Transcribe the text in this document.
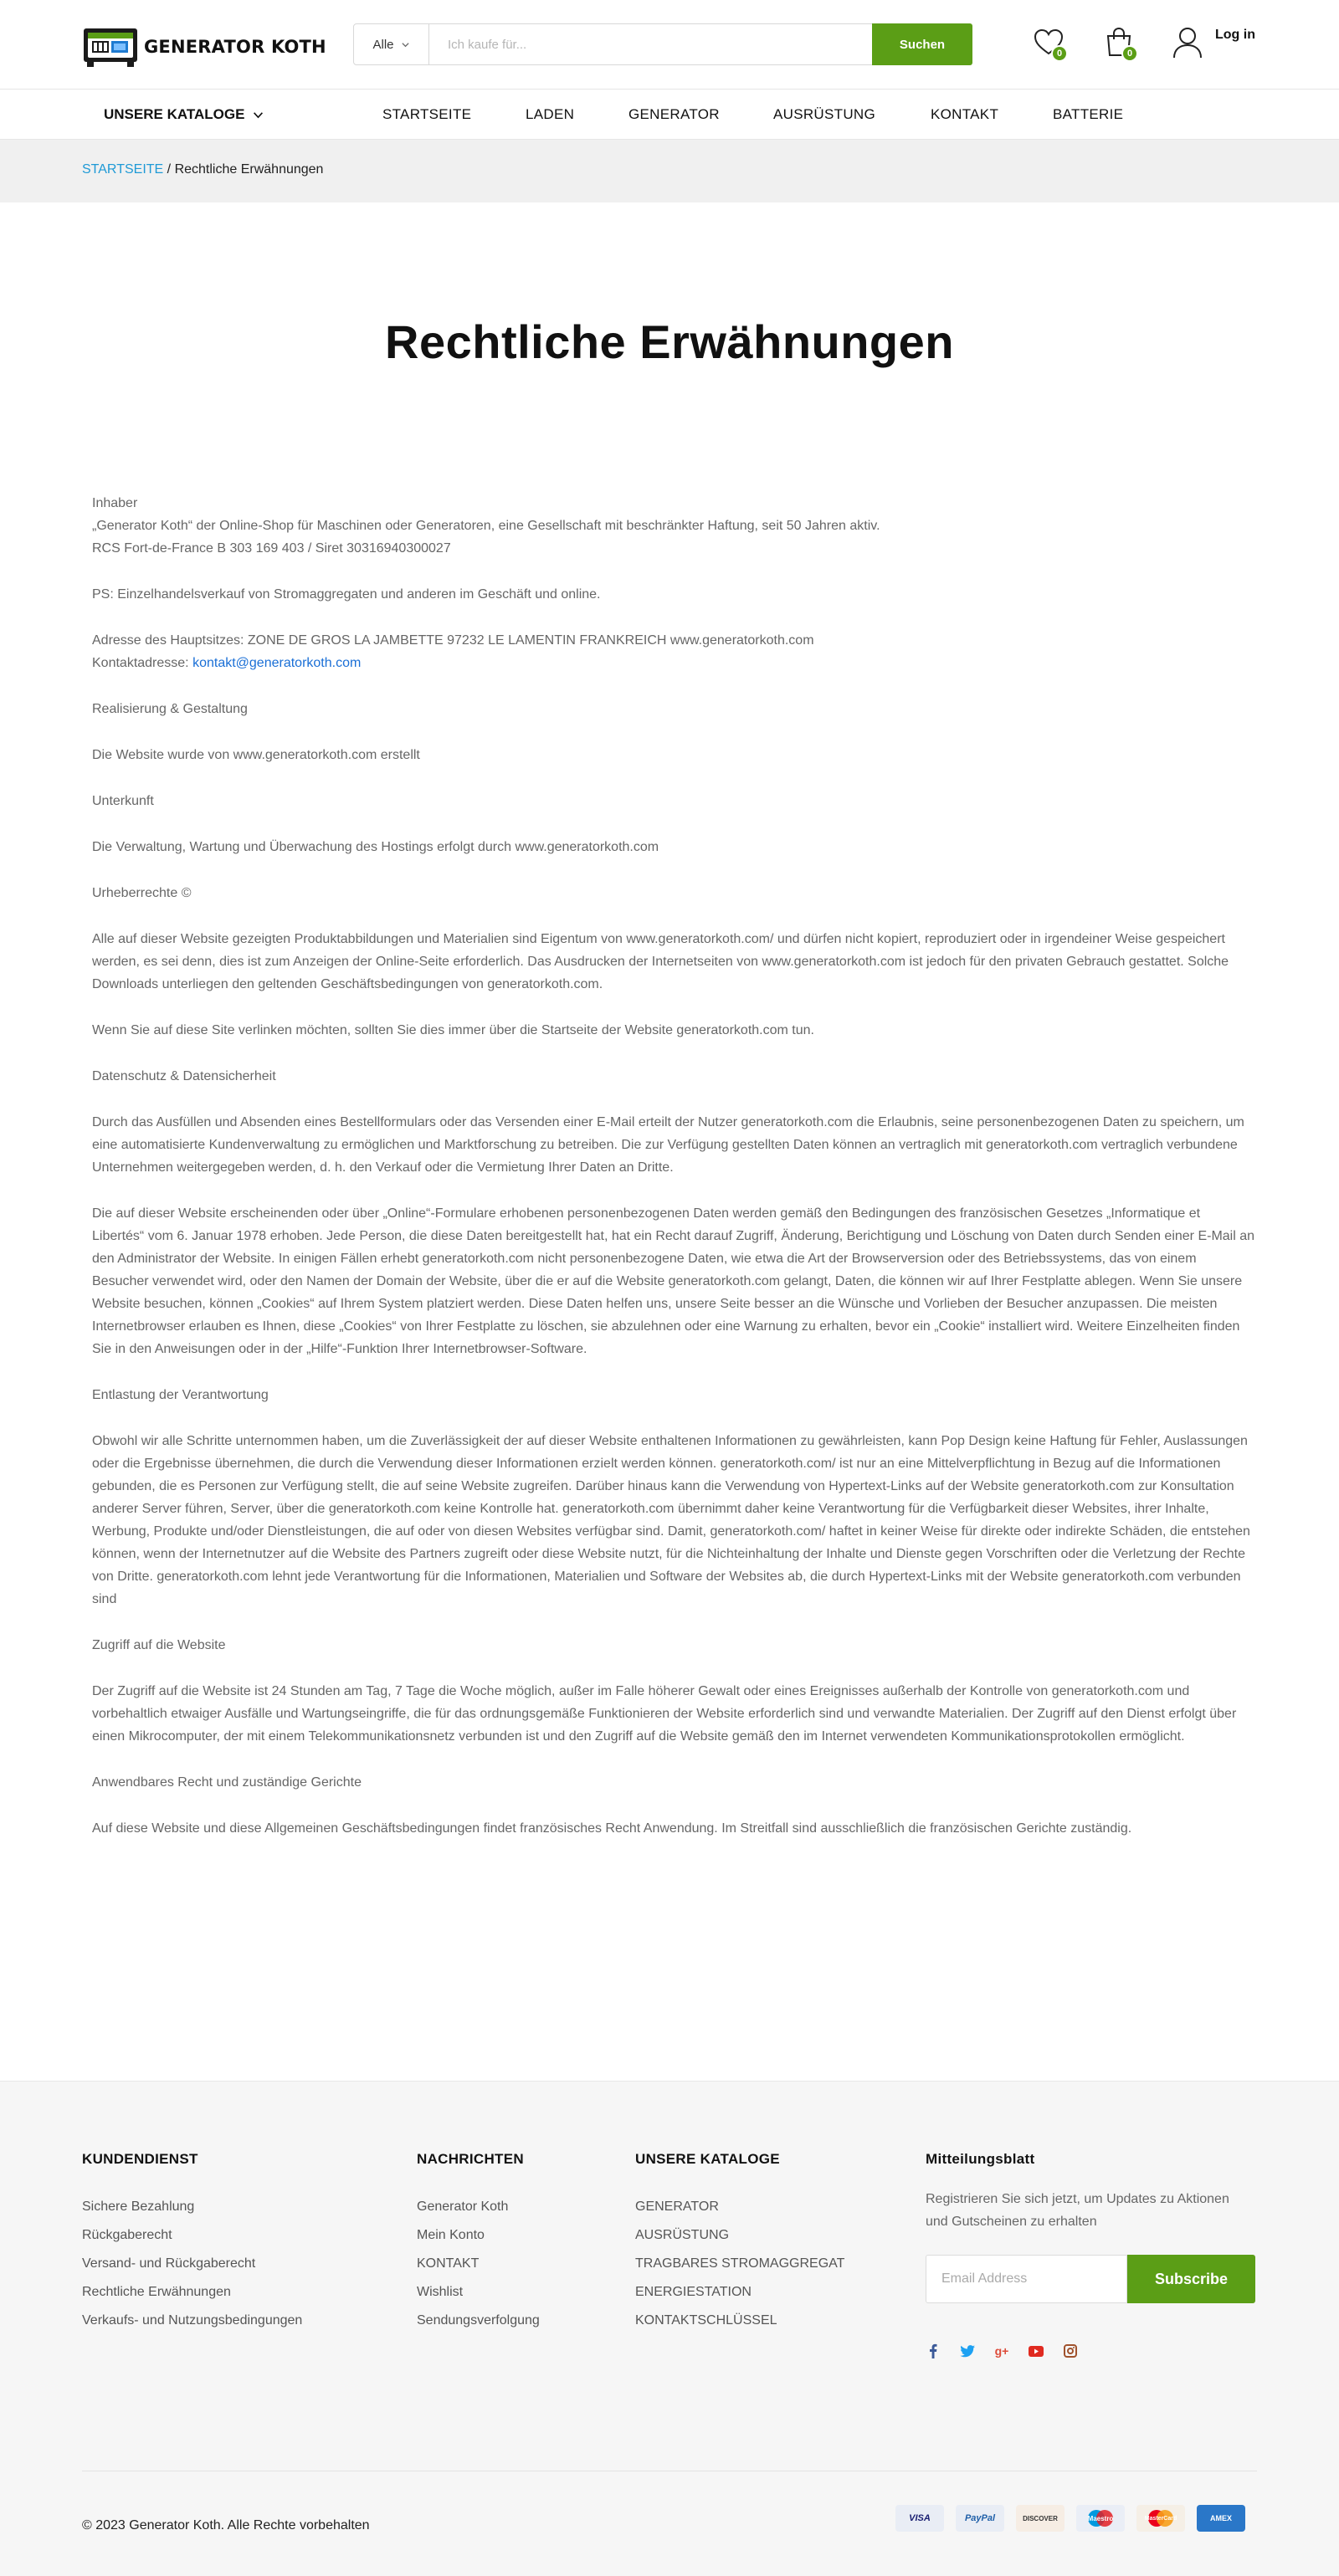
GENERATOR KOTH	Alle
Ich kaufe für...	Suchen
0	0
Log in
UNSERE KATALOGE	STARTSEITE	LADEN	GENERATOR	AUSRÜSTUNG	KONTAKT	BATTERIE
STARTSEITE / Rechtliche Erwähnungen
Rechtliche Erwähnungen

Inhaber
„Generator Koth“ der Online-Shop für Maschinen oder Generatoren, eine Gesellschaft mit beschränkter Haftung, seit 50 Jahren aktiv.
RCS Fort-de-France B 303 169 403 / Siret 30316940300027

PS: Einzelhandelsverkauf von Stromaggregaten und anderen im Geschäft und online.

Adresse des Hauptsitzes: ZONE DE GROS LA JAMBETTE 97232 LE LAMENTIN FRANKREICH www.generatorkoth.com
Kontaktadresse: kontakt@generatorkoth.com

Realisierung & Gestaltung

Die Website wurde von www.generatorkoth.com erstellt

Unterkunft

Die Verwaltung, Wartung und Überwachung des Hostings erfolgt durch www.generatorkoth.com

Urheberrechte ©

Alle auf dieser Website gezeigten Produktabbildungen und Materialien sind Eigentum von www.generatorkoth.com/ und dürfen nicht kopiert, reproduziert oder in irgendeiner Weise gespeichert werden, es sei denn, dies ist zum Anzeigen der Online-Seite erforderlich. Das Ausdrucken der Internetseiten von www.generatorkoth.com ist jedoch für den privaten Gebrauch gestattet. Solche Downloads unterliegen den geltenden Geschäftsbedingungen von generatorkoth.com.

Wenn Sie auf diese Site verlinken möchten, sollten Sie dies immer über die Startseite der Website generatorkoth.com tun.

Datenschutz & Datensicherheit

Durch das Ausfüllen und Absenden eines Bestellformulars oder das Versenden einer E-Mail erteilt der Nutzer generatorkoth.com die Erlaubnis, seine personenbezogenen Daten zu speichern, um eine automatisierte Kundenverwaltung zu ermöglichen und Marktforschung zu betreiben. Die zur Verfügung gestellten Daten können an vertraglich mit generatorkoth.com vertraglich verbundene Unternehmen weitergegeben werden, d. h. den Verkauf oder die Vermietung Ihrer Daten an Dritte.

Die auf dieser Website erscheinenden oder über „Online“-Formulare erhobenen personenbezogenen Daten werden gemäß den Bedingungen des französischen Gesetzes „Informatique et Libertés“ vom 6. Januar 1978 erhoben. Jede Person, die diese Daten bereitgestellt hat, hat ein Recht darauf Zugriff, Änderung, Berichtigung und Löschung von Daten durch Senden einer E-Mail an den Administrator der Website. In einigen Fällen erhebt generatorkoth.com nicht personenbezogene Daten, wie etwa die Art der Browserversion oder des Betriebssystems, das von einem Besucher verwendet wird, oder den Namen der Domain der Website, über die er auf die Website generatorkoth.com gelangt, Daten, die können wir auf Ihrer Festplatte ablegen. Wenn Sie unsere Website besuchen, können „Cookies“ auf Ihrem System platziert werden. Diese Daten helfen uns, unsere Seite besser an die Wünsche und Vorlieben der Besucher anzupassen. Die meisten Internetbrowser erlauben es Ihnen, diese „Cookies“ von Ihrer Festplatte zu löschen, sie abzulehnen oder eine Warnung zu erhalten, bevor ein „Cookie“ installiert wird. Weitere Einzelheiten finden Sie in den Anweisungen oder in der „Hilfe“-Funktion Ihrer Internetbrowser-Software.

Entlastung der Verantwortung

Obwohl wir alle Schritte unternommen haben, um die Zuverlässigkeit der auf dieser Website enthaltenen Informationen zu gewährleisten, kann Pop Design keine Haftung für Fehler, Auslassungen oder die Ergebnisse übernehmen, die durch die Verwendung dieser Informationen erzielt werden können. generatorkoth.com/ ist nur an eine Mittelverpflichtung in Bezug auf die Informationen gebunden, die es Personen zur Verfügung stellt, die auf seine Website zugreifen. Darüber hinaus kann die Verwendung von Hypertext-Links auf der Website generatorkoth.com zur Konsultation anderer Server führen, Server, über die generatorkoth.com keine Kontrolle hat. generatorkoth.com übernimmt daher keine Verantwortung für die Verfügbarkeit dieser Websites, ihrer Inhalte, Werbung, Produkte und/oder Dienstleistungen, die auf oder von diesen Websites verfügbar sind. Damit, generatorkoth.com/ haftet in keiner Weise für direkte oder indirekte Schäden, die entstehen können, wenn der Internetnutzer auf die Website des Partners zugreift oder diese Website nutzt, für die Nichteinhaltung der Inhalte und Dienste gegen Vorschriften oder die Verletzung der Rechte von Dritte. generatorkoth.com lehnt jede Verantwortung für die Informationen, Materialien und Software der Websites ab, die durch Hypertext-Links mit der Website generatorkoth.com verbunden sind

Zugriff auf die Website

Der Zugriff auf die Website ist 24 Stunden am Tag, 7 Tage die Woche möglich, außer im Falle höherer Gewalt oder eines Ereignisses außerhalb der Kontrolle von generatorkoth.com und vorbehaltlich etwaiger Ausfälle und Wartungseingriffe, die für das ordnungsgemäße Funktionieren der Website erforderlich sind und verwandte Materialien. Der Zugriff auf den Dienst erfolgt über einen Mikrocomputer, der mit einem Telekommunikationsnetz verbunden ist und den Zugriff auf die Website gemäß den im Internet verwendeten Kommunikationsprotokollen ermöglicht.

Anwendbares Recht und zuständige Gerichte

Auf diese Website und diese Allgemeinen Geschäftsbedingungen findet französisches Recht Anwendung. Im Streitfall sind ausschließlich die französischen Gerichte zuständig.

KUNDENDIENST
Sichere Bezahlung
Rückgaberecht
Versand- und Rückgaberecht
Rechtliche Erwähnungen
Verkaufs- und Nutzungsbedingungen
NACHRICHTEN
Generator Koth
Mein Konto
KONTAKT
Wishlist
Sendungsverfolgung
UNSERE KATALOGE
GENERATOR
AUSRÜSTUNG
TRAGBARES STROMAGGREGAT
ENERGIESTATION
KONTAKTSCHLÜSSEL
Mitteilungsblatt

Registrieren Sie sich jetzt, um Updates zu Aktionen und Gutscheinen zu erhalten

Email Address
Subscribe
g+
© 2023 Generator Koth. Alle Rechte vorbehalten	VISA	PayPal	DISCOVER	Maestro	MasterCard	AMEX
